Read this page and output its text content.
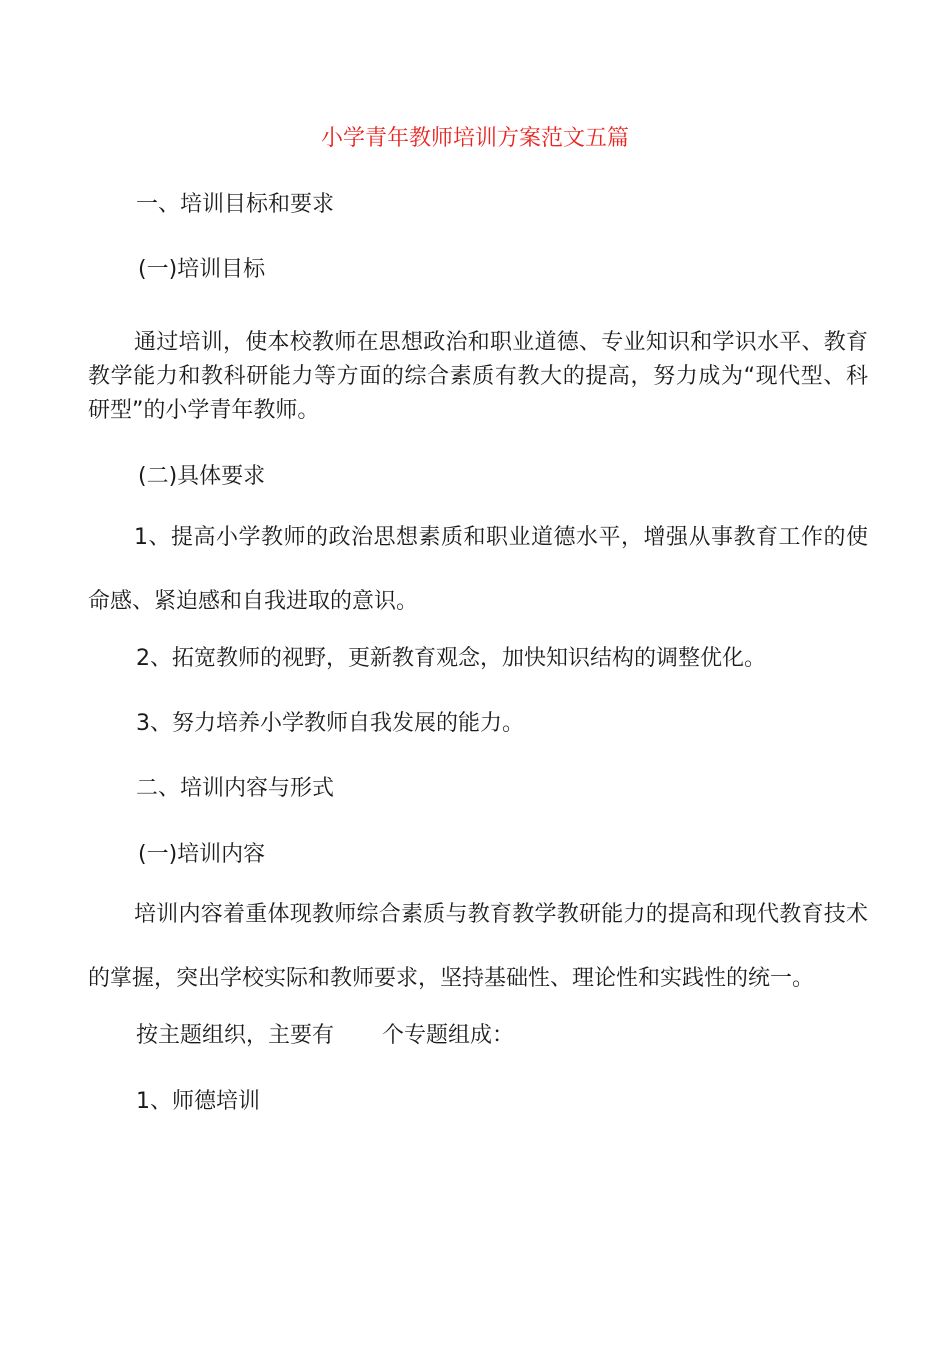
小学青年教师培训方案范文五篇

一、培训目标和要求

(一)培训目标

通过培训，使本校教师在思想政治和职业道德、专业知识和学识水平、教育教学能力和教科研能力等方面的综合素质有教大的提高，努力成为“现代型、科研型”的小学青年教师。

(二)具体要求

1、提高小学教师的政治思想素质和职业道德水平，增强从事教育工作的使命感、紧迫感和自我进取的意识。

2、拓宽教师的视野，更新教育观念，加快知识结构的调整优化。

3、努力培养小学教师自我发展的能力。

二、培训内容与形式

(一)培训内容

培训内容着重体现教师综合素质与教育教学教研能力的提高和现代教育技术的掌握，突出学校实际和教师要求，坚持基础性、理论性和实践性的统一。

按主题组织，主要有 个专题组成：

1、师德培训
